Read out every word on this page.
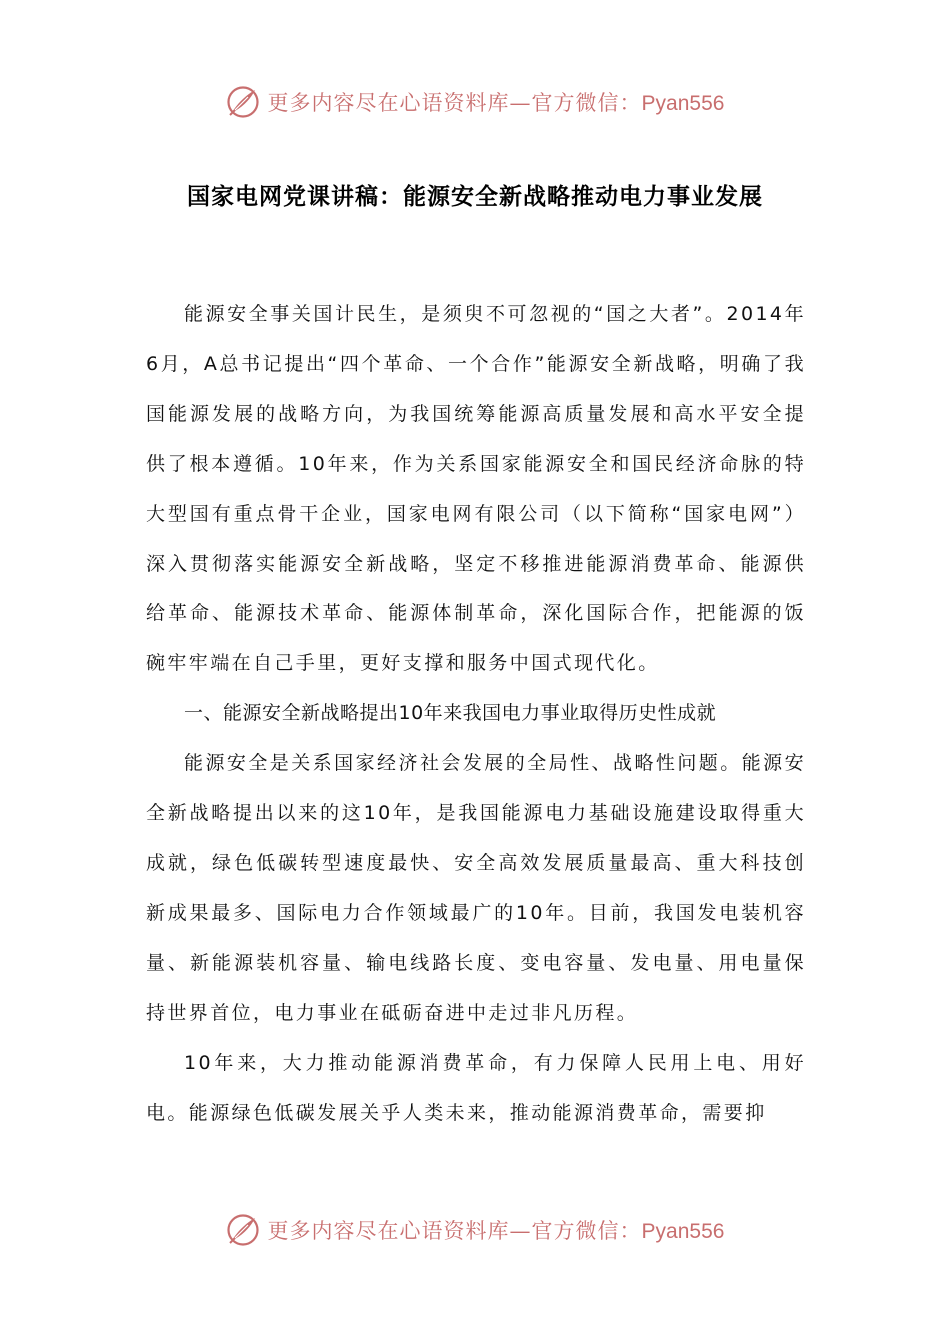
更多内容尽在心语资料库—官方微信：Pyan556
国家电网党课讲稿：能源安全新战略推动电力事业发展

能源安全事关国计民生，是须臾不可忽视的“国之大者”。2014年6月，A总书记提出“四个革命、一个合作”能源安全新战略，明确了我国能源发展的战略方向，为我国统筹能源高质量发展和高水平安全提供了根本遵循。10年来，作为关系国家能源安全和国民经济命脉的特大型国有重点骨干企业，国家电网有限公司（以下简称“国家电网”）深入贯彻落实能源安全新战略，坚定不移推进能源消费革命、能源供给革命、能源技术革命、能源体制革命，深化国际合作，把能源的饭碗牢牢端在自己手里，更好支撑和服务中国式现代化。

一、能源安全新战略提出10年来我国电力事业取得历史性成就

能源安全是关系国家经济社会发展的全局性、战略性问题。能源安全新战略提出以来的这10年，是我国能源电力基础设施建设取得重大成就，绿色低碳转型速度最快、安全高效发展质量最高、重大科技创新成果最多、国际电力合作领域最广的10年。目前，我国发电装机容量、新能源装机容量、输电线路长度、变电容量、发电量、用电量保持世界首位，电力事业在砥砺奋进中走过非凡历程。

10年来，大力推动能源消费革命，有力保障人民用上电、用好电。能源绿色低碳发展关乎人类未来，推动能源消费革命，需要抑

更多内容尽在心语资料库—官方微信：Pyan556
